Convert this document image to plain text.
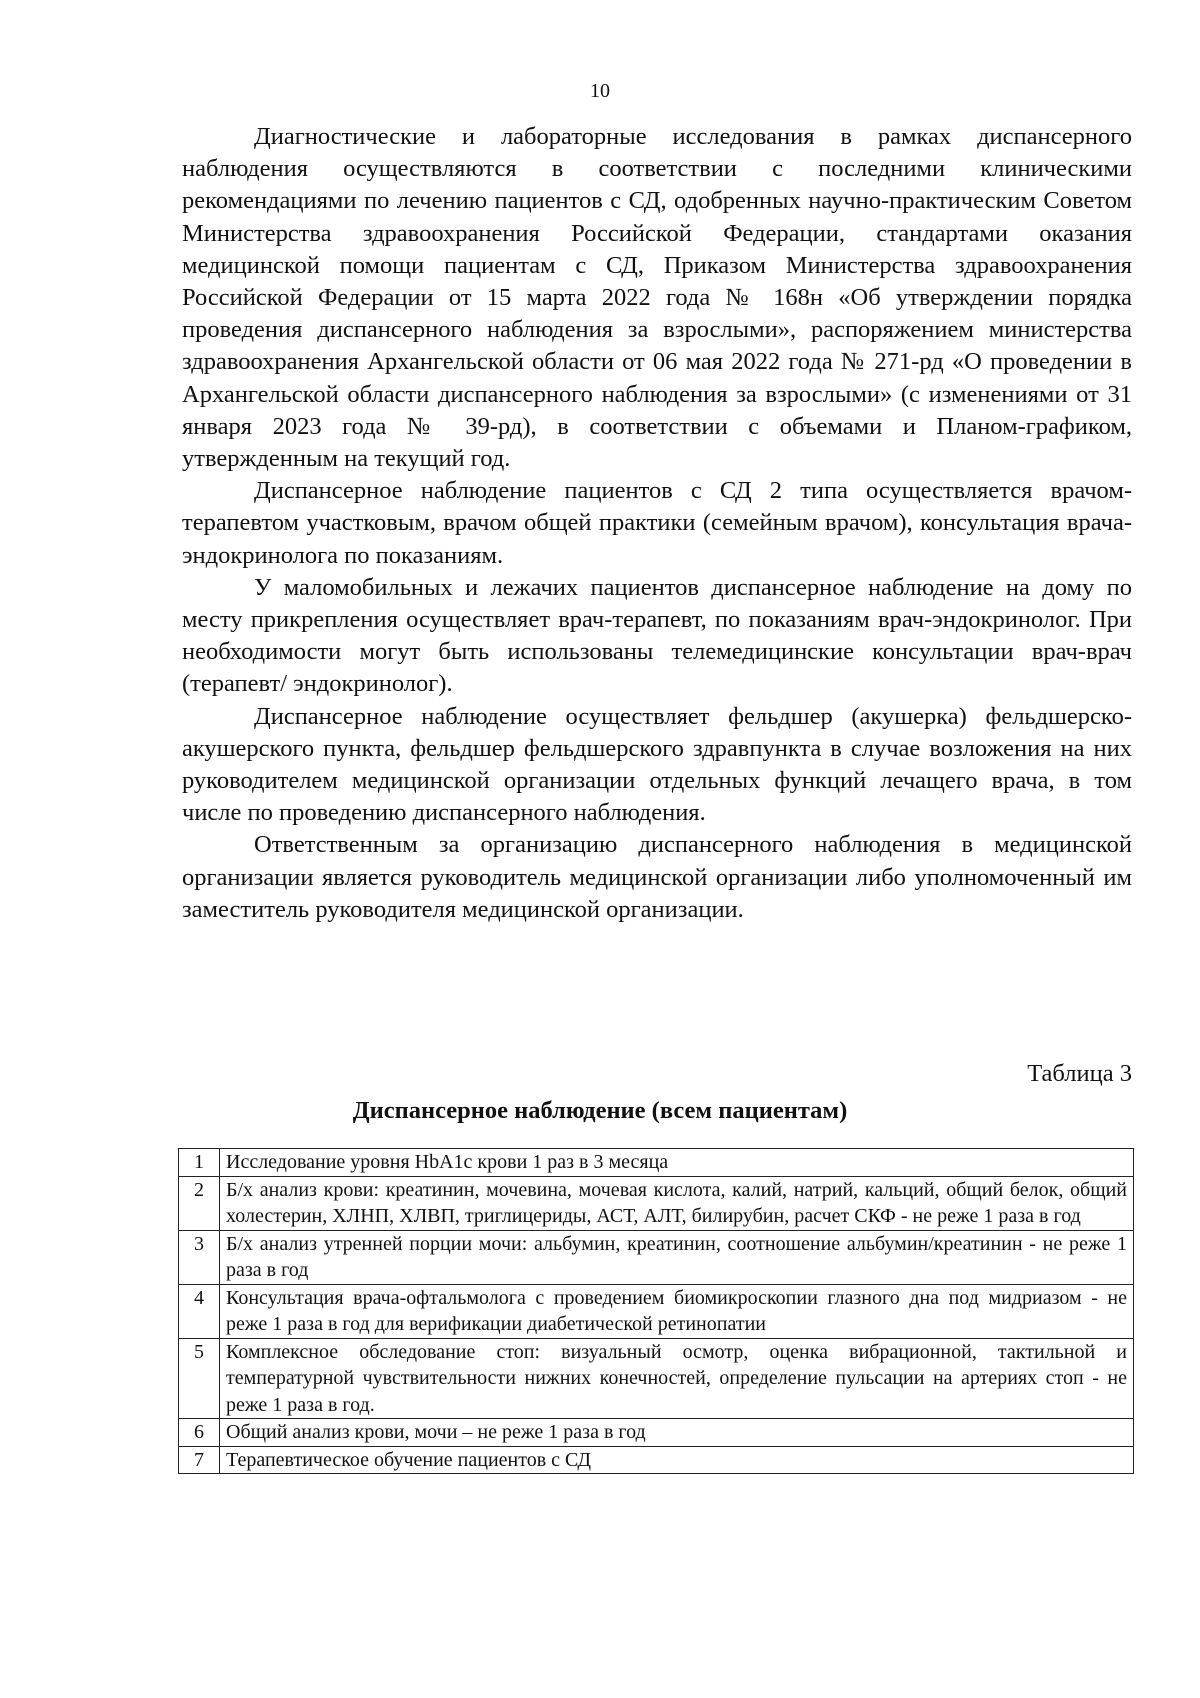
10

Диагностические и лабораторные исследования в рамках диспансерного наблюдения осуществляются в соответствии с последними клиническими рекомендациями по лечению пациентов с СД, одобренных научно-практическим Советом Министерства здравоохранения Российской Федерации, стандартами оказания медицинской помощи пациентам с СД, Приказом Министерства здравоохранения Российской Федерации от 15 марта 2022 года № 168н «Об утверждении порядка проведения диспансерного наблюдения за взрослыми», распоряжением министерства здравоохранения Архангельской области от 06 мая 2022 года № 271-рд «О проведении в Архангельской области диспансерного наблюдения за взрослыми» (с изменениями от 31 января 2023 года № 39-рд), в соответствии с объемами и Планом-графиком, утвержденным на текущий год.

Диспансерное наблюдение пациентов с СД 2 типа осуществляется врачом-терапевтом участковым, врачом общей практики (семейным врачом), консультация врача-эндокринолога по показаниям.

У маломобильных и лежачих пациентов диспансерное наблюдение на дому по месту прикрепления осуществляет врач-терапевт, по показаниям врач-эндокринолог. При необходимости могут быть использованы телемедицинские консультации врач-врач (терапевт/ эндокринолог).

Диспансерное наблюдение осуществляет фельдшер (акушерка) фельдшерско-акушерского пункта, фельдшер фельдшерского здравпункта в случае возложения на них руководителем медицинской организации отдельных функций лечащего врача, в том числе по проведению диспансерного наблюдения.

Ответственным за организацию диспансерного наблюдения в медицинской организации является руководитель медицинской организации либо уполномоченный им заместитель руководителя медицинской организации.

Таблица 3
Диспансерное наблюдение (всем пациентам)
1	Исследование уровня HbA1c крови 1 раз в 3 месяца
2	Б/х анализ крови: креатинин, мочевина, мочевая кислота, калий, натрий, кальций, общий белок, общий холестерин, ХЛНП, ХЛВП, триглицериды, АСТ, АЛТ, билирубин, расчет СКФ - не реже 1 раза в год
3	Б/х анализ утренней порции мочи: альбумин, креатинин, соотношение альбумин/креатинин - не реже 1 раза в год
4	Консультация врача-офтальмолога с проведением биомикроскопии глазного дна под мидриазом - не реже 1 раза в год для верификации диабетической ретинопатии
5	Комплексное обследование стоп: визуальный осмотр, оценка вибрационной, тактильной и температурной чувствительности нижних конечностей, определение пульсации на артериях стоп - не реже 1 раза в год.
6	Общий анализ крови, мочи – не реже 1 раза в год
7	Терапевтическое обучение пациентов с СД
